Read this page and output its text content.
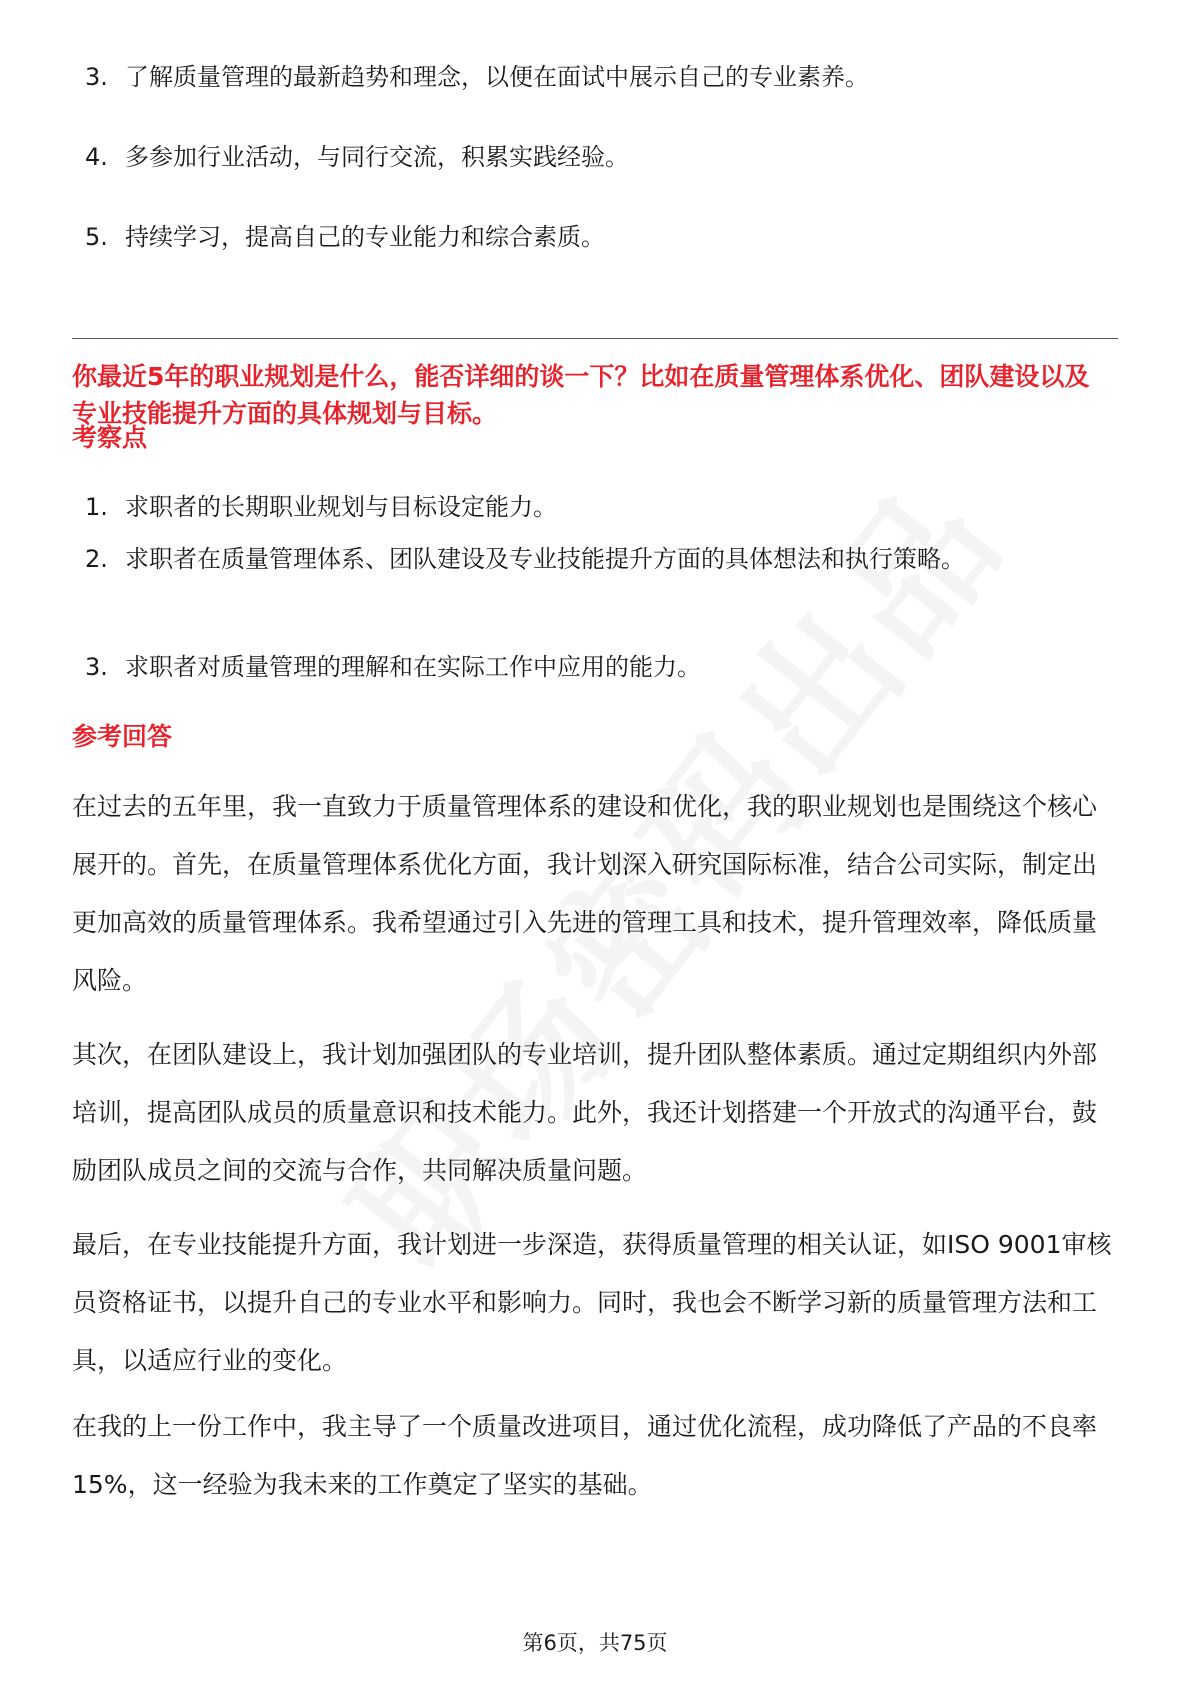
3. 了解质量管理的最新趋势和理念，以便在面试中展示自己的专业素养。

4. 多参加行业活动，与同行交流，积累实践经验。

5. 持续学习，提高自己的专业能力和综合素质。

你最近5年的职业规划是什么，能否详细的谈一下？比如在质量管理体系优化、团队建设以及专业技能提升方面的具体规划与目标。

考察点

1. 求职者的长期职业规划与目标设定能力。

2. 求职者在质量管理体系、团队建设及专业技能提升方面的具体想法和执行策略。

3. 求职者对质量管理的理解和在实际工作中应用的能力。

参考回答

在过去的五年里，我一直致力于质量管理体系的建设和优化，我的职业规划也是围绕这个核心展开的。首先，在质量管理体系优化方面，我计划深入研究国际标准，结合公司实际，制定出更加高效的质量管理体系。我希望通过引入先进的管理工具和技术，提升管理效率，降低质量风险。

其次，在团队建设上，我计划加强团队的专业培训，提升团队整体素质。通过定期组织内外部培训，提高团队成员的质量意识和技术能力。此外，我还计划搭建一个开放式的沟通平台，鼓励团队成员之间的交流与合作，共同解决质量问题。

最后，在专业技能提升方面，我计划进一步深造，获得质量管理的相关认证，如ISO 9001审核员资格证书，以提升自己的专业水平和影响力。同时，我也会不断学习新的质量管理方法和工具，以适应行业的变化。

在我的上一份工作中，我主导了一个质量改进项目，通过优化流程，成功降低了产品的不良率15%，这一经验为我未来的工作奠定了坚实的基础。

第6页，共75页
